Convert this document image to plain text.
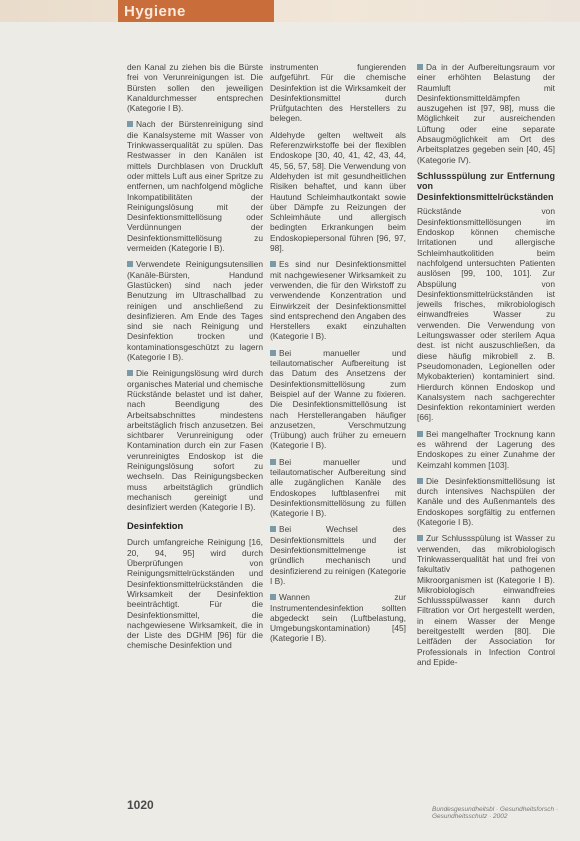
Hygiene

den Kanal zu ziehen bis die Bürste frei von Verunreinigungen ist. Die Bürsten sollen den jeweiligen Kanaldurchmesser entsprechen (Kategorie I B).

Nach der Bürstenreinigung sind die Kanalsysteme mit Wasser von Trinkwasserqualität zu spülen. Das Restwasser in den Kanälen ist mittels Durchblasen von Druckluft oder mittels Luft aus einer Spritze zu entfernen, um nachfolgend mögliche Inkompatibilitäten der Reinigungslösung mit der Desinfektionsmittellösung oder Verdünnungen der Desinfektionsmittellösung zu vermeiden (Kategorie I B).

Verwendete Reinigungsutensilien (Kanäle-Bürsten, Handund Glastücken) sind nach jeder Benutzung im Ultraschallbad zu reinigen und anschließend zu desinfizieren. Am Ende des Tages sind sie nach Reinigung und Desinfektion trocken und kontaminationsgeschützt zu lagern (Kategorie I B).

Die Reinigungslösung wird durch organisches Material und chemische Rückstände belastet und ist daher, nach Beendigung des Arbeitsabschnittes mindestens arbeitstäglich frisch anzusetzen. Bei sichtbarer Verunreinigung oder Kontamination durch ein zur Fasen verunreinigtes Endoskop ist die Reinigungslösung sofort zu wechseln. Das Reinigungsbecken muss arbeitstäglich gründlich mechanisch gereinigt und desinfiziert werden (Kategorie I B).

Desinfektion

Durch umfangreiche Reinigung [16, 20, 94, 95] wird durch Überprüfungen von Reinigungsmittelrückständen und Desinfektionsmittelrückständen die Wirksamkeit der Desinfektion beeinträchtigt. Für die Desinfektionsmittel, die nachgewiesene Wirksamkeit, die in der Liste des DGHM [96] für die chemische Desinfektion und

instrumenten fungierenden aufgeführt. Für die chemische Desinfektion ist die Wirksamkeit der Desinfektionsmittel durch Prüfgutachten des Herstellers zu belegen.

Aldehyde gelten weltweit als Referenzwirkstoffe bei der flexiblen Endoskope [30, 40, 41, 42, 43, 44, 45, 56, 57, 58]. Die Verwendung von Aldehyden ist mit gesundheitlichen Risiken behaftet, und kann über Hautund Schleimhautkontakt sowie über Dämpfe zu Reizungen der Schleimhäute und allergisch bedingten Erkrankungen beim Endoskopiepersonal führen [96, 97, 98].

Es sind nur Desinfektionsmittel mit nachgewiesener Wirksamkeit zu verwenden, die für den Wirkstoff zu verwendende Konzentration und Einwirkzeit der Desinfektionsmittel sind entsprechend den Angaben des Herstellers exakt einzuhalten (Kategorie I B).

Bei manueller und teilautomatischer Aufbereitung ist das Datum des Ansetzens der Desinfektionsmittellösung zum Beispiel auf der Wanne zu fixieren. Die Desinfektionsmittellösung ist nach Herstellerangaben häufiger anzusetzen, Verschmutzung (Trübung) auch früher zu erneuern (Kategorie I B).

Bei manueller und teilautomatischer Aufbereitung sind alle zugänglichen Kanäle des Endoskopes luftblasenfrei mit Desinfektionsmittellösung zu füllen (Kategorie I B).

Bei Wechsel des Desinfektionsmittels und der Desinfektionsmittelmenge ist gründlich mechanisch und desinfizierend zu reinigen (Kategorie I B).

Wannen zur Instrumentendesinfektion sollten abgedeckt sein (Luftbelastung, Umgebungskontamination) [45] (Kategorie I B).

Da in der Aufbereitungsraum vor einer erhöhten Belastung der Raumluft mit Desinfektionsmitteldämpfen auszugehen ist [97, 98], muss die Möglichkeit zur ausreichenden Lüftung oder eine separate Absaugmöglichkeit am Ort des Arbeitsplatzes gegeben sein [40, 45] (Kategorie IV).

Schlussspülung zur Entfernung von Desinfektionsmittelrückständen

Rückstände von Desinfektionsmittellösungen im Endoskop können chemische Irritationen und allergische Schleimhautkolitiden beim nachfolgend untersuchten Patienten auslösen [99, 100, 101]. Zur Abspülung von Desinfektionsmittelrückständen ist jeweils frisches, mikrobiologisch einwandfreies Wasser zu verwenden. Die Verwendung von Leitungswasser oder sterilem Aqua dest. ist nicht auszuschließen, da diese häufig mikrobiell z. B. Pseudomonaden, Legionellen oder Mykobakterien) kontaminiert sind. Hierdurch können Endoskop und Kanalsystem nach sachgerechter Desinfektion rekontaminiert werden [66].

Bei mangelhafter Trocknung kann es während der Lagerung des Endoskopes zu einer Zunahme der Keimzahl kommen [103].

Die Desinfektionsmittellösung ist durch intensives Nachspülen der Kanäle und des Außenmantels des Endoskopes sorgfältig zu entfernen (Kategorie I B).

Zur Schlussspülung ist Wasser zu verwenden, das mikrobiologisch Trinkwasserqualität hat und frei von fakultativ pathogenen Mikroorganismen ist (Kategorie I B). Mikrobiologisch einwandfreies Schlussspülwasser kann durch Filtration vor Ort hergestellt werden, in einem Wasser der Menge bereitgestellt werden [80]. Die Leitfäden der Association for Professionals in Infection Control and Epide-

1020	Bundesgesundheitsbl · Gesundheitsforsch · Gesundheitsschutz · 2002
